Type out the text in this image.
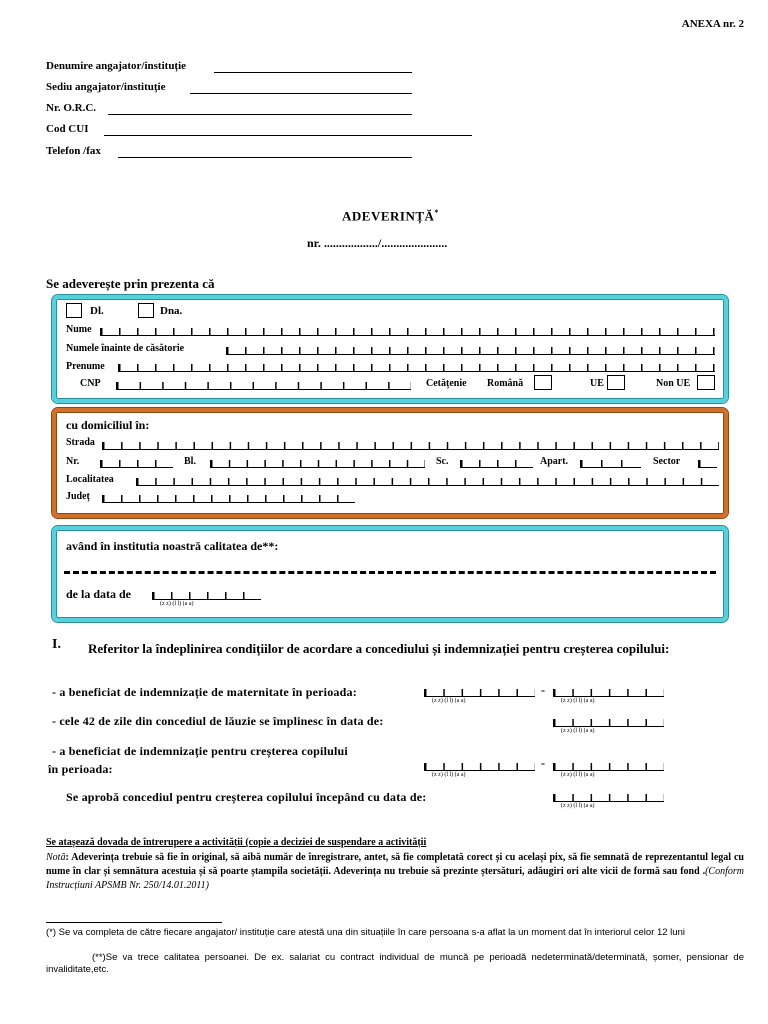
ANEXA nr. 2
Denumire angajator/instituție
Sediu angajator/instituție
Nr. O.R.C.
Cod CUI
Telefon /fax
ADEVERINȚĂ*
nr. ................../......................
Se adeverește prin prezenta că
Dl.	Dna.
Nume
Numele înainte de căsătorie
Prenume
CNP	Cetățenie Română	UE	Non UE
cu domiciliul în:
Strada
Nr.	Bl.	Sc.	Apart.	Sector
Localitatea
Județ
având în institutia noastră calitatea de**:
de la data de
(z z) (l l) (a a)
I.	Referitor la îndeplinirea condițiilor de acordare a concediului și indemnizației pentru creșterea copilului:
- a beneficiat de indemnizație de maternitate în perioada:
(z z) (l l) (a a)
-
(z z) (l l) (a a)
- cele 42 de zile din concediul de lăuzie se împlinesc în data de:
(z z) (l l) (a a)
- a beneficiat de indemnizație pentru creșterea copilului
în perioada:	(z z) (l l) (a a)
-
(z z) (l l) (a a)
Se aprobă concediul pentru creșterea copilului începând cu data de:
(z z) (l l) (a a)
Se atașează dovada de întrerupere a activității (copie a deciziei de suspendare a activității
Notă: Adeverința trebuie să fie în original, să aibă număr de înregistrare, antet, să fie completată corect și cu același pix, să fie semnată de reprezentantul legal cu nume în clar și semnătura acestuia și să poarte ștampila societății. Adeverința nu trebuie să prezinte ștersături, adăugiri ori alte vicii de formă sau fond .(Conform Instrucțiuni APSMB Nr. 250/14.01.2011)
(*) Se va completa de către fiecare angajator/ instituție care atestă una din situațiile în care persoana s-a aflat la un moment dat în interiorul celor 12 luni
(**)Se va trece calitatea persoanei. De ex. salariat cu contract individual de muncă pe perioadă nedeterminată/determinată, șomer, pensionar de invaliditate,etc.
